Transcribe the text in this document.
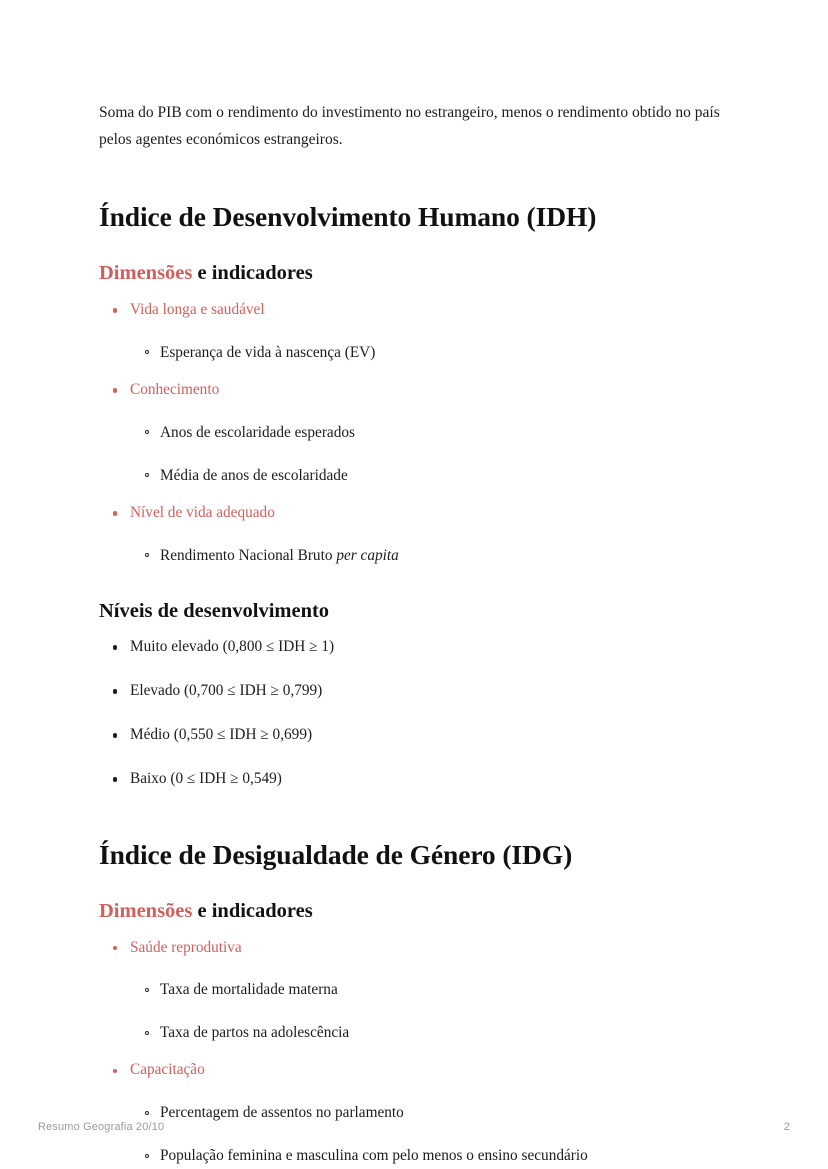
Soma do PIB com o rendimento do investimento no estrangeiro, menos o rendimento obtido no país pelos agentes económicos estrangeiros.

Índice de Desenvolvimento Humano (IDH)
Dimensões e indicadores
Vida longa e saudável
Esperança de vida à nascença (EV)
Conhecimento
Anos de escolaridade esperados
Média de anos de escolaridade
Nível de vida adequado
Rendimento Nacional Bruto per capita
Níveis de desenvolvimento
Muito elevado (0,800 ≤ IDH ≥ 1)
Elevado (0,700 ≤ IDH ≥ 0,799)
Médio (0,550 ≤ IDH ≥ 0,699)
Baixo (0 ≤ IDH ≥ 0,549)
Índice de Desigualdade de Género (IDG)
Dimensões e indicadores
Saúde reprodutiva
Taxa de mortalidade materna
Taxa de partos na adolescência
Capacitação
Percentagem de assentos no parlamento
População feminina e masculina com pelo menos o ensino secundário
Resumo Geografia 20/10	2
